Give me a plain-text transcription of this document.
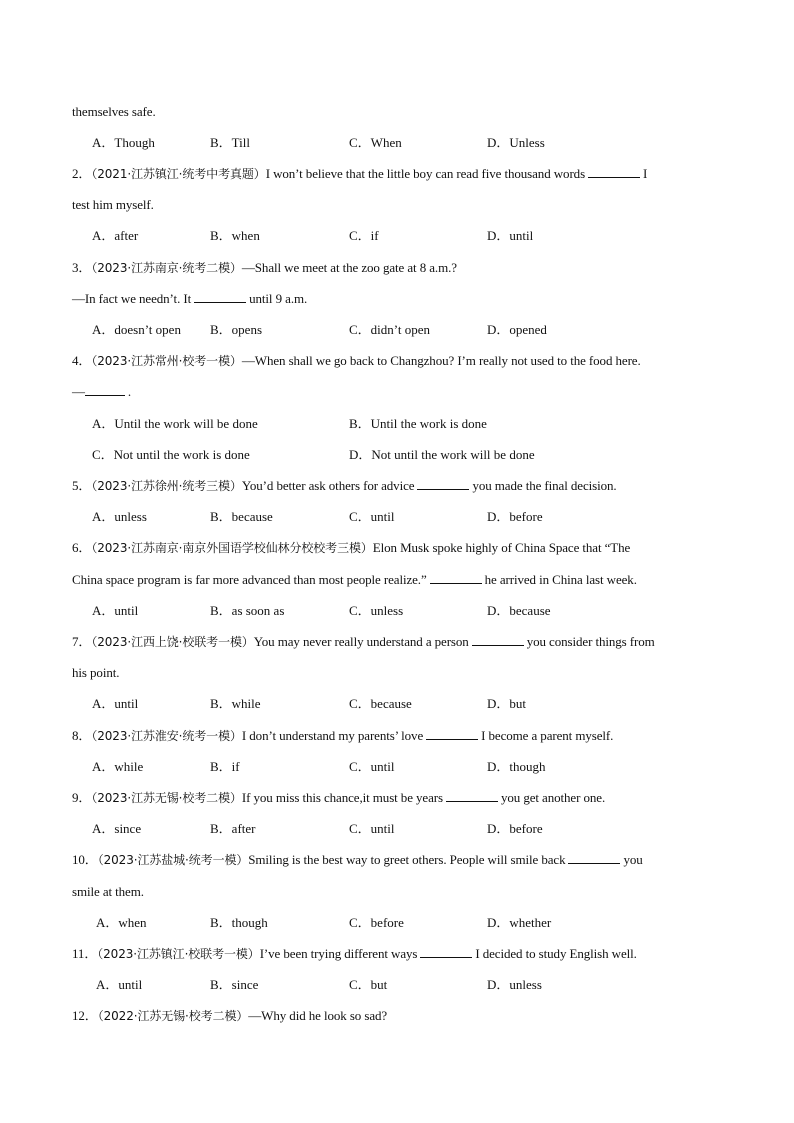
themselves safe.
A．Though	B．Till	C．When	D．Unless
2．（2021·江苏镇江·统考中考真题）I won’t believe that the little boy can read five thousand words	I
test him myself.
A．after	B．when	C．if	D．until
3．（2023·江苏南京·统考二模）—Shall we meet at the zoo gate at 8 a.m.?
—In fact we needn’t. It	until 9 a.m.
A．doesn’t open B．opens	C．didn’t open	D．opened
4．（2023·江苏常州·校考一模）—When shall we go back to Changzhou? I’m really not used to the food here.
—	.
A．Until the work will be done	B．Until the work is done
C．Not until the work is done	D．Not until the work will be done
5．（2023·江苏徐州·统考三模）You’d better ask others for advice	you made the final decision.
A．unless	B．because	C．until	D．before
6．（2023·江苏南京·南京外国语学校仙林分校校考三模）Elon Musk spoke highly of China Space that “The
China space program is far more advanced than most people realize.”	he arrived in China last week.
A．until	B．as soon as	C．unless	D．because
7．（2023·江西上饶·校联考一模）You may never really understand a person	you consider things from
his point.
A．until	B．while	C．because	D．but
8．（2023·江苏淮安·统考一模）I don’t understand my parents’ love	I become a parent myself.
A．while	B．if	C．until	D．though
9．（2023·江苏无锡·校考二模）If you miss this chance,it must be years	you get another one.
A．since	B．after	C．until	D．before
10．（2023·江苏盐城·统考一模）Smiling is the best way to greet others. People will smile back	you
smile at them.
A．when	B．though	C．before	D．whether
11．（2023·江苏镇江·校联考一模）I’ve been trying different ways	I decided to study English well.
A．until	B．since	C．but	D．unless
12．（2022·江苏无锡·校考二模）—Why did he look so sad?
